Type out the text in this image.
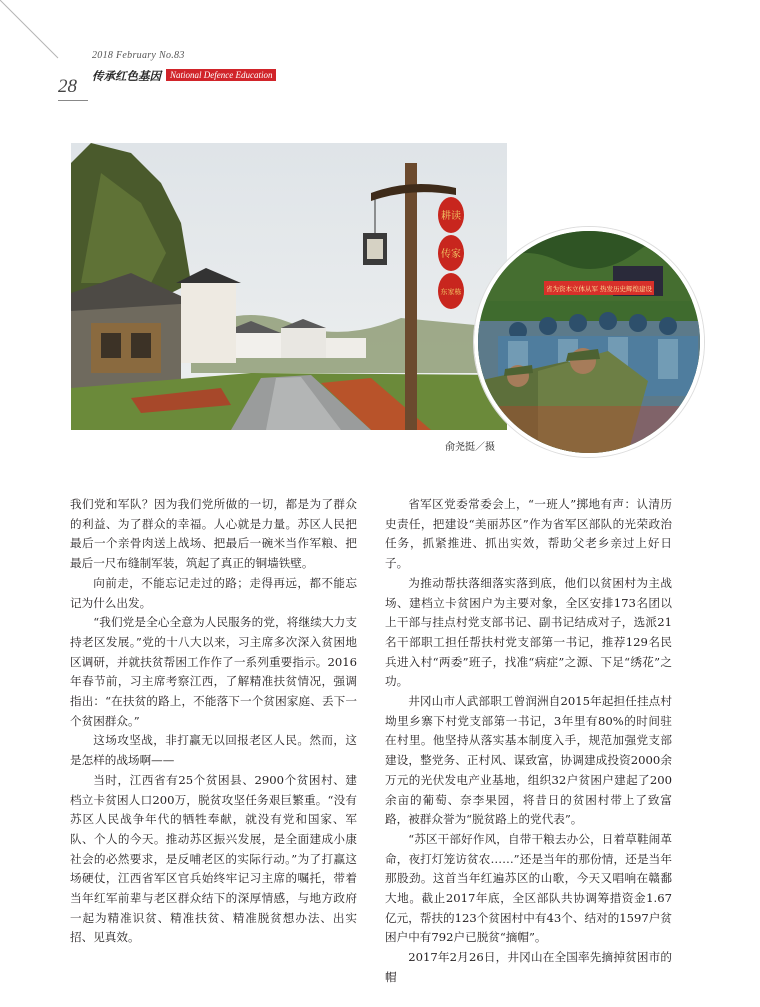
2018 February No.83
传承红色基因	National Defence Education
28
耕读
传家
东家栋	省为资本立体从军 热发历史辉煌建设
俞尧挺／摄

我们党和军队？因为我们党所做的一切，都是为了群众的利益、为了群众的幸福。人心就是力量。苏区人民把最后一个亲骨肉送上战场、把最后一碗米当作军粮、把最后一尺布缝制军装，筑起了真正的铜墙铁壁。

向前走，不能忘记走过的路；走得再远，都不能忘记为什么出发。

“我们党是全心全意为人民服务的党，将继续大力支持老区发展。”党的十八大以来，习主席多次深入贫困地区调研，并就扶贫帮困工作作了一系列重要指示。2016年春节前，习主席考察江西，了解精准扶贫情况，强调指出：“在扶贫的路上，不能落下一个贫困家庭、丢下一个贫困群众。”

这场攻坚战，非打赢无以回报老区人民。然而，这是怎样的战场啊——

当时，江西省有25个贫困县、2900个贫困村、建档立卡贫困人口200万，脱贫攻坚任务艰巨繁重。“没有苏区人民战争年代的牺牲奉献，就没有党和国家、军队、个人的今天。推动苏区振兴发展，是全面建成小康社会的必然要求，是反哺老区的实际行动。”为了打赢这场硬仗，江西省军区官兵始终牢记习主席的嘱托，带着当年红军前辈与老区群众结下的深厚情感，与地方政府一起为精准识贫、精准扶贫、精准脱贫想办法、出实招、见真效。

省军区党委常委会上，“一班人”掷地有声：认清历史责任，把建设“美丽苏区”作为省军区部队的光荣政治任务，抓紧推进、抓出实效，帮助父老乡亲过上好日子。

为推动帮扶落细落实落到底，他们以贫困村为主战场、建档立卡贫困户为主要对象，全区安排173名团以上干部与挂点村党支部书记、副书记结成对子，选派21名干部职工担任帮扶村党支部第一书记，推荐129名民兵进入村“两委”班子，找准“病症”之源、下足“绣花”之功。

井冈山市人武部职工曾润洲自2015年起担任挂点村坳里乡寨下村党支部第一书记，3年里有80%的时间驻在村里。他坚持从落实基本制度入手，规范加强党支部建设，整党务、正村风、谋致富，协调建成投资2000余万元的光伏发电产业基地，组织32户贫困户建起了200余亩的葡萄、奈李果园，将昔日的贫困村带上了致富路，被群众誉为“脱贫路上的党代表”。

“苏区干部好作风，自带干粮去办公，日着草鞋闹革命，夜打灯笼访贫农……”还是当年的那份情，还是当年那股劲。这首当年红遍苏区的山歌，今天又唱响在赣鄱大地。截止2017年底，全区部队共协调筹措资金1.67亿元，帮扶的123个贫困村中有43个、结对的1597户贫困户中有792户已脱贫“摘帽”。

2017年2月26日，井冈山在全国率先摘掉贫困市的帽
